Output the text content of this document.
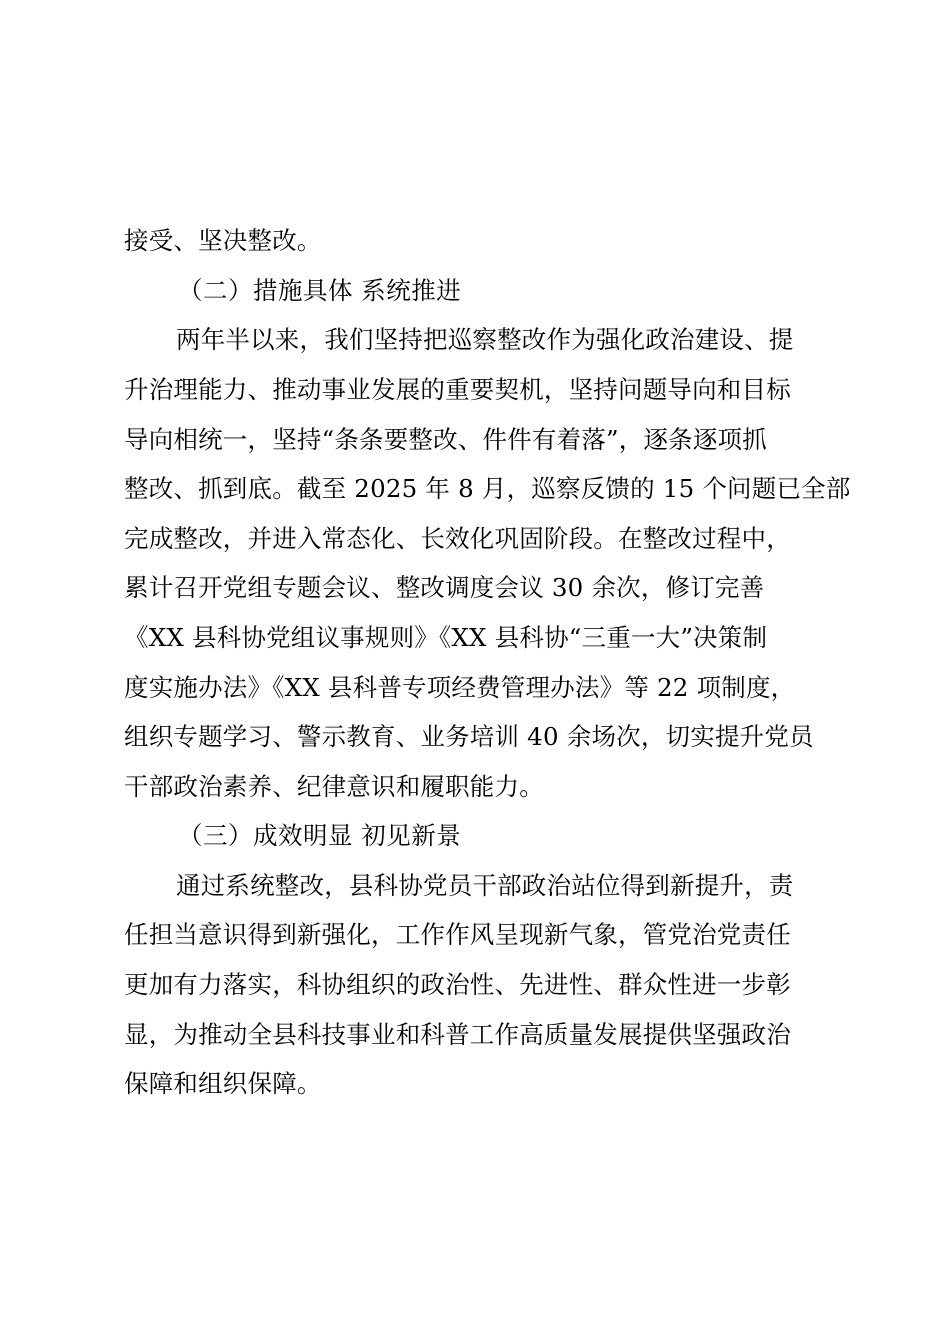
接受、坚决整改。
（二）措施具体 系统推进
两年半以来，我们坚持把巡察整改作为强化政治建设、提
升治理能力、推动事业发展的重要契机，坚持问题导向和目标
导向相统一，坚持“条条要整改、件件有着落”，逐条逐项抓
整改、抓到底。截至 2025 年 8 月，巡察反馈的 15 个问题已全部
完成整改，并进入常态化、长效化巩固阶段。在整改过程中，
累计召开党组专题会议、整改调度会议 30 余次，修订完善
《XX 县科协党组议事规则》《XX 县科协“三重一大”决策制
度实施办法》《XX 县科普专项经费管理办法》等 22 项制度，
组织专题学习、警示教育、业务培训 40 余场次，切实提升党员
干部政治素养、纪律意识和履职能力。
（三）成效明显 初见新景
通过系统整改，县科协党员干部政治站位得到新提升，责
任担当意识得到新强化，工作作风呈现新气象，管党治党责任
更加有力落实，科协组织的政治性、先进性、群众性进一步彰
显，为推动全县科技事业和科普工作高质量发展提供坚强政治
保障和组织保障。
